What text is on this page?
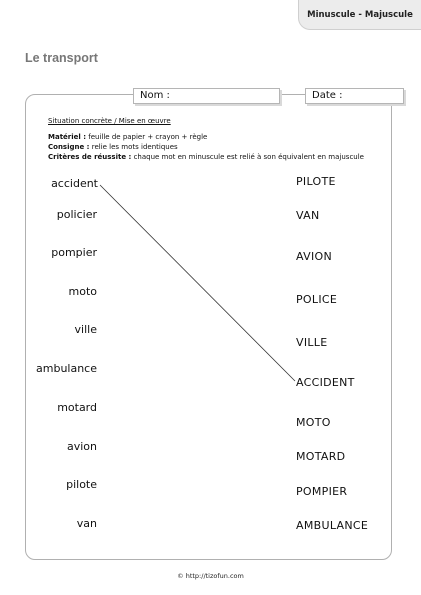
Minuscule - Majuscule
Le transport
Nom :	Date :
Situation concrète / Mise en œuvre
Matériel : feuille de papier + crayon + règle
Consigne : relie les mots identiques
Critères de réussite : chaque mot en minuscule est relié à son équivalent en majuscule
accident
policier
pompier
moto
ville
ambulance
motard
avion
pilote
van
PILOTE
VAN
AVION
POLICE
VILLE
ACCIDENT
MOTO
MOTARD
POMPIER
AMBULANCE
© http://tizofun.com
